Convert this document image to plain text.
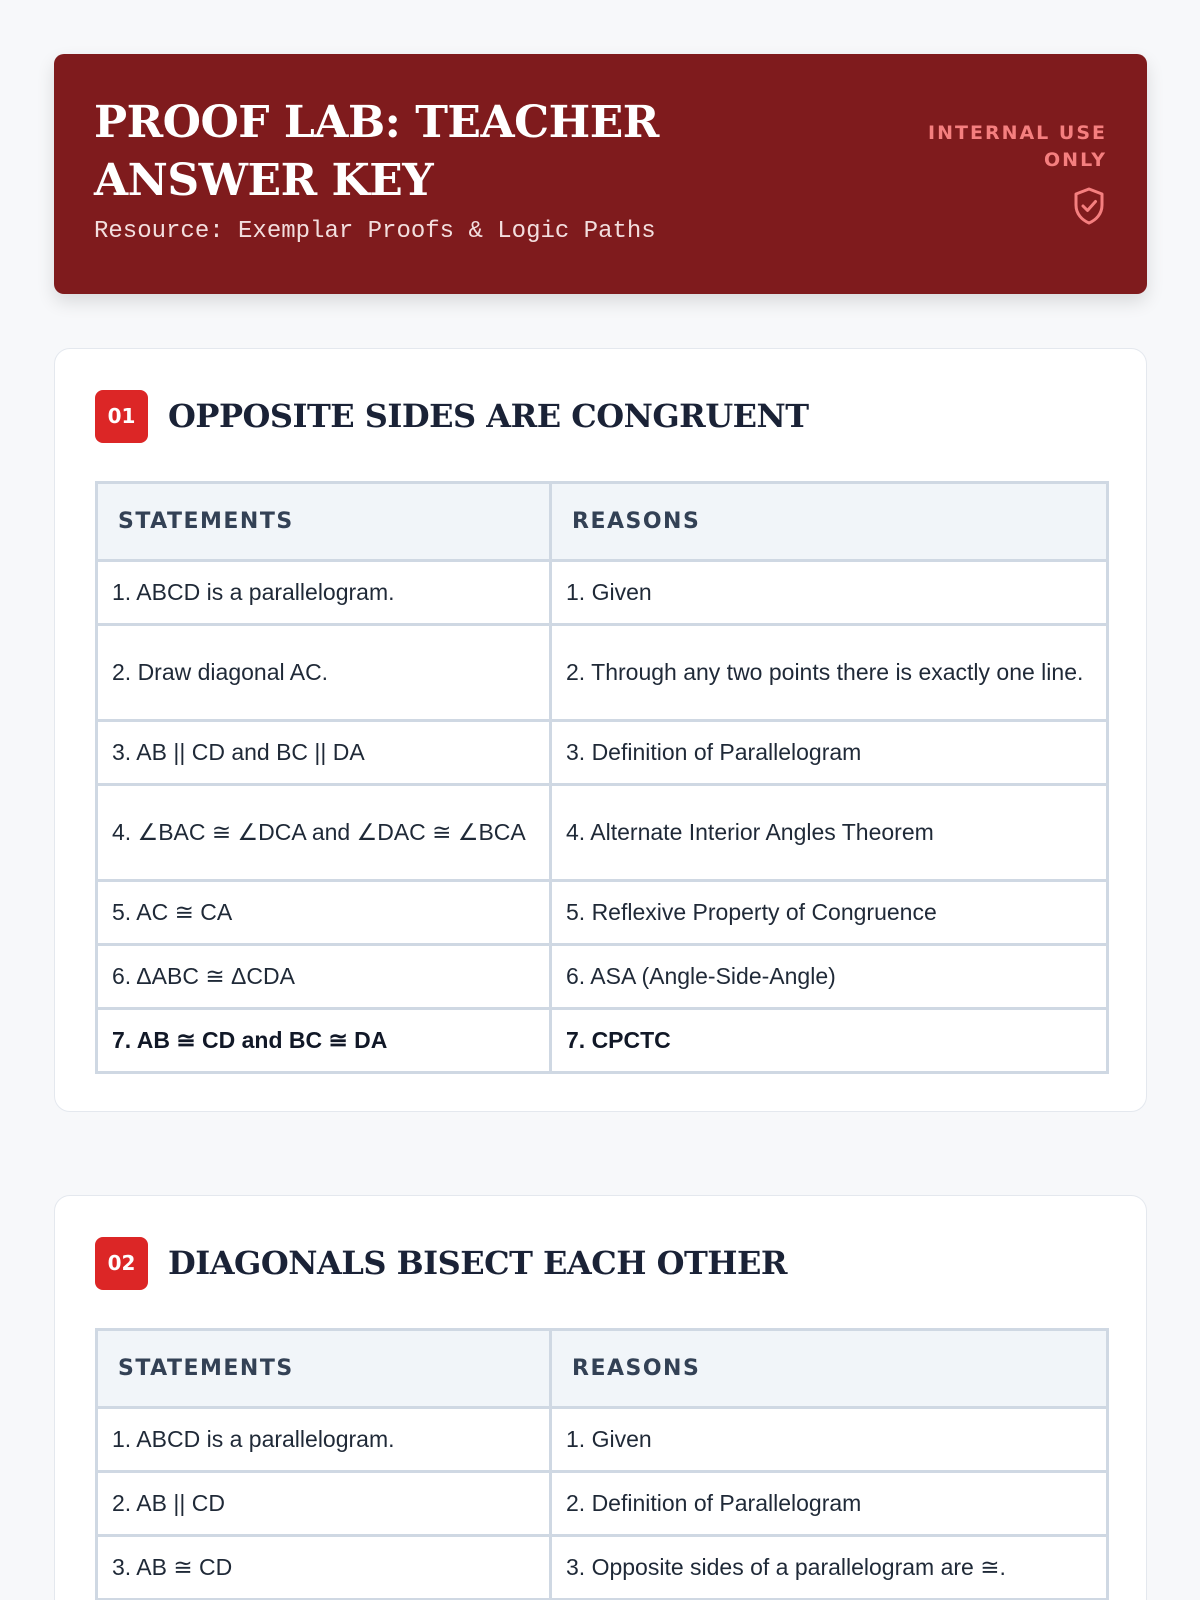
PROOF LAB: TEACHER ANSWER KEY
Resource: Exemplar Proofs & Logic Paths
INTERNAL USE ONLY
01	OPPOSITE SIDES ARE CONGRUENT
STATEMENTS	REASONS
1. ABCD is a parallelogram.	1. Given
2. Draw diagonal AC.	2. Through any two points there is exactly one line.
3. AB || CD and BC || DA	3. Definition of Parallelogram
4. ∠BAC ≅ ∠DCA and ∠DAC ≅ ∠BCA	4. Alternate Interior Angles Theorem
5. AC ≅ CA	5. Reflexive Property of Congruence
6. ΔABC ≅ ΔCDA	6. ASA (Angle-Side-Angle)
7. AB ≅ CD and BC ≅ DA	7. CPCTC
02	DIAGONALS BISECT EACH OTHER
STATEMENTS	REASONS
1. ABCD is a parallelogram.	1. Given
2. AB || CD	2. Definition of Parallelogram
3. AB ≅ CD	3. Opposite sides of a parallelogram are ≅.
